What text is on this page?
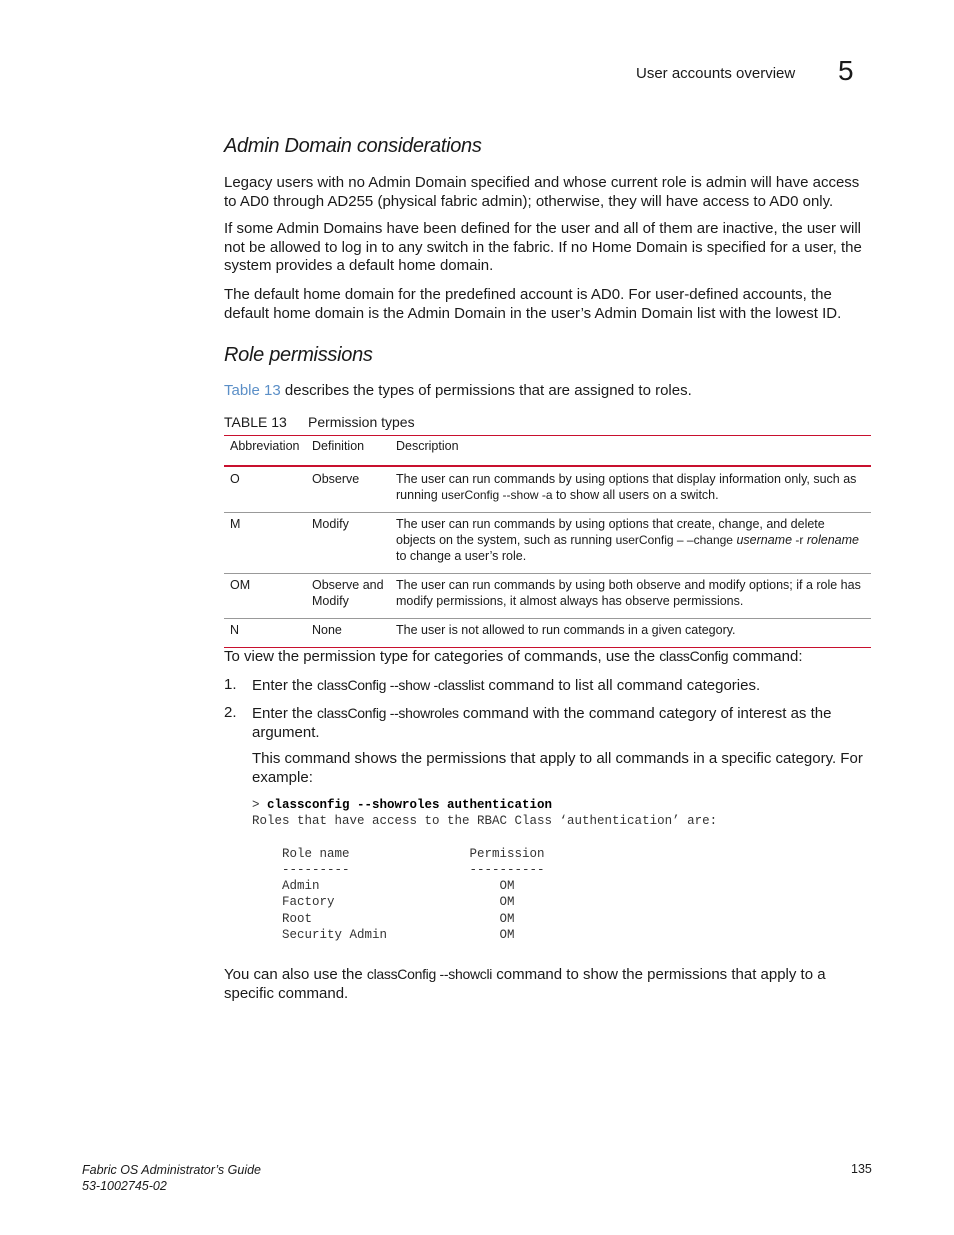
User accounts overview 5
Admin Domain considerations

Legacy users with no Admin Domain specified and whose current role is admin will have access to AD0 through AD255 (physical fabric admin); otherwise, they will have access to AD0 only.

If some Admin Domains have been defined for the user and all of them are inactive, the user will not be allowed to log in to any switch in the fabric. If no Home Domain is specified for a user, the system provides a default home domain.

The default home domain for the predefined account is AD0. For user-defined accounts, the default home domain is the Admin Domain in the user’s Admin Domain list with the lowest ID.

Role permissions

Table 13 describes the types of permissions that are assigned to roles.

TABLE 13 Permission types
Abbreviation	Definition	Description
O	Observe	The user can run commands by using options that display information only, such as running userConfig --show -a to show all users on a switch.
M	Modify	The user can run commands by using options that create, change, and delete objects on the system, such as running userConfig – –change username -r rolename
to change a user’s role.
OM	Observe and Modify	The user can run commands by using both observe and modify options; if a role has modify permissions, it almost always has observe permissions.
N	None	The user is not allowed to run commands in a given category.

To view the permission type for categories of commands, use the classConfig command:

1. Enter the classConfig --show -classlist command to list all command categories.

2. Enter the classConfig --showroles command with the command category of interest as the argument.

This command shows the permissions that apply to all commands in a specific category. For example:

> classconfig --showroles authentication
Roles that have access to the RBAC Class ‘authentication’ are:

Role name                Permission
---------                ----------
Admin                        OM
Factory                      OM
Root                         OM
Security Admin               OM

You can also use the classConfig --showcli command to show the permissions that apply to a specific command.

Fabric OS Administrator’s Guide
53-1002745-02
135
